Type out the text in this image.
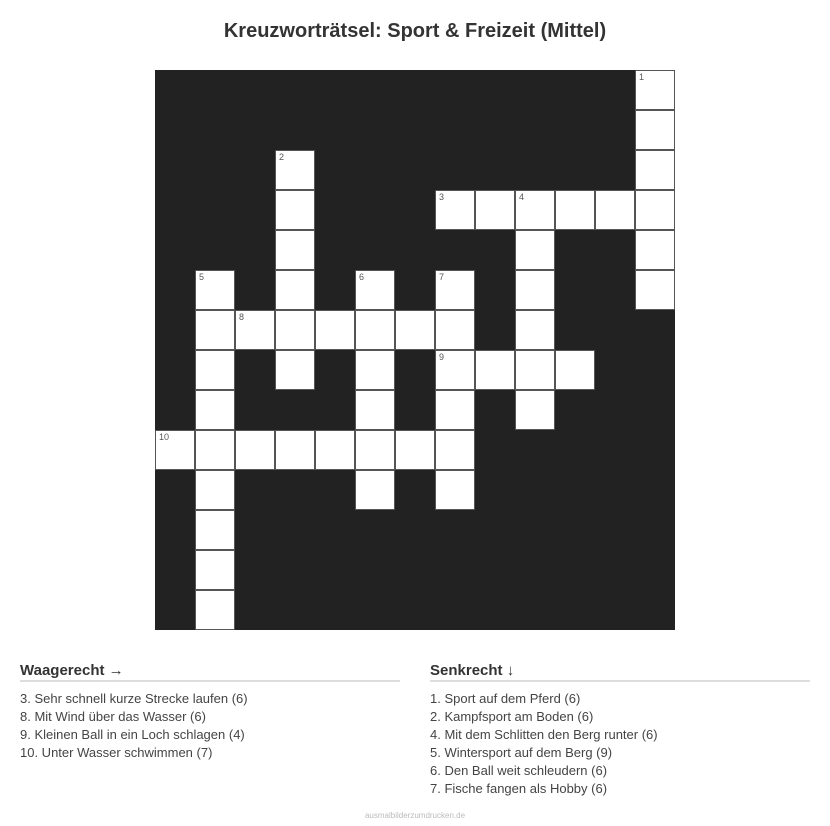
Kreuzworträtsel: Sport & Freizeit (Mittel)
1
2
3	4
5	6	7
8
9
10
Waagerecht →
3. Sehr schnell kurze Strecke laufen (6)
8. Mit Wind über das Wasser (6)
9. Kleinen Ball in ein Loch schlagen (4)
10. Unter Wasser schwimmen (7)
Senkrecht ↓
1. Sport auf dem Pferd (6)
2. Kampfsport am Boden (6)
4. Mit dem Schlitten den Berg runter (6)
5. Wintersport auf dem Berg (9)
6. Den Ball weit schleudern (6)
7. Fische fangen als Hobby (6)
ausmalbilderzumdrucken.de
